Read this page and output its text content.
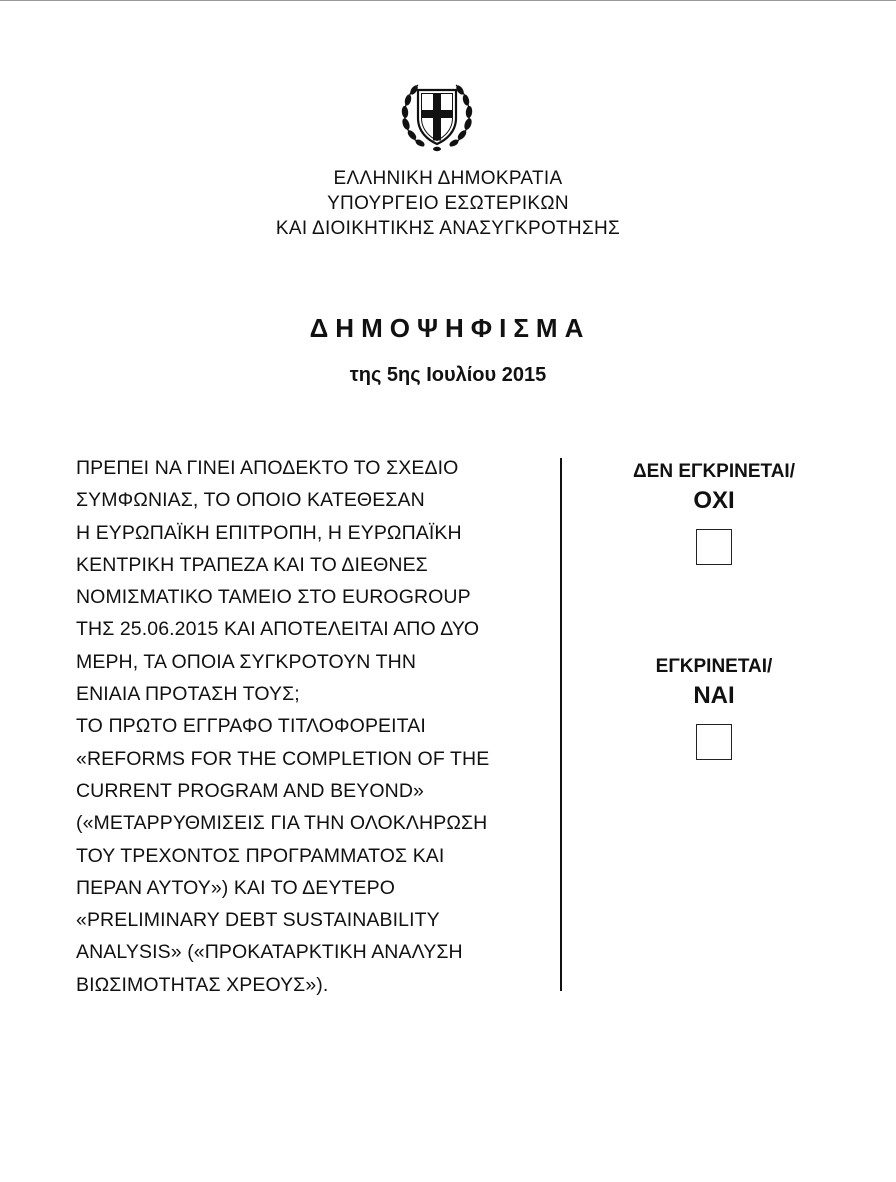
ΕΛΛΗΝΙΚΗ ΔΗΜΟΚΡΑΤΙΑ
ΥΠΟΥΡΓΕΙΟ ΕΣΩΤΕΡΙΚΩΝ
ΚΑΙ ΔΙΟΙΚΗΤΙΚΗΣ ΑΝΑΣΥΓΚΡΟΤΗΣΗΣ
ΔΗΜΟΨΗΦΙΣΜΑ
της 5ης Ιουλίου 2015
ΠΡΕΠΕΙ ΝΑ ΓΙΝΕΙ ΑΠΟΔΕΚΤΟ ΤΟ ΣΧΕΔΙΟ
ΣΥΜΦΩΝΙΑΣ, ΤΟ ΟΠΟΙΟ ΚΑΤΕΘΕΣΑΝ
Η ΕΥΡΩΠΑΪΚΗ ΕΠΙΤΡΟΠΗ, Η ΕΥΡΩΠΑΪΚΗ
ΚΕΝΤΡΙΚΗ ΤΡΑΠΕΖΑ ΚΑΙ ΤΟ ΔΙΕΘΝΕΣ
ΝΟΜΙΣΜΑΤΙΚΟ ΤΑΜΕΙΟ ΣΤΟ EUROGROUP
ΤΗΣ 25.06.2015 ΚΑΙ ΑΠΟΤΕΛΕΙΤΑΙ ΑΠΟ ΔΥΟ
ΜΕΡΗ, ΤΑ ΟΠΟΙΑ ΣΥΓΚΡΟΤΟΥΝ ΤΗΝ
ΕΝΙΑΙΑ ΠΡΟΤΑΣΗ ΤΟΥΣ;
ΤΟ ΠΡΩΤΟ ΕΓΓΡΑΦΟ ΤΙΤΛΟΦΟΡΕΙΤΑΙ
«REFORMS FOR THE COMPLETION OF THE
CURRENT PROGRAM AND BEYOND»
(«ΜΕΤΑΡΡΥΘΜΙΣΕΙΣ ΓΙΑ ΤΗΝ ΟΛΟΚΛΗΡΩΣΗ
ΤΟΥ ΤΡΕΧΟΝΤΟΣ ΠΡΟΓΡΑΜΜΑΤΟΣ ΚΑΙ
ΠΕΡΑΝ ΑΥΤΟΥ») ΚΑΙ ΤΟ ΔΕΥΤΕΡΟ
«PRELIMINARY DEBT SUSTAINABILITY
ANALYSIS» («ΠΡΟΚΑΤΑΡΚΤΙΚΗ ΑΝΑΛΥΣΗ
ΒΙΩΣΙΜΟΤΗΤΑΣ ΧΡΕΟΥΣ»).
ΔΕΝ ΕΓΚΡΙΝΕΤΑΙ/
ΟΧΙ
ΕΓΚΡΙΝΕΤΑΙ/
ΝΑΙ
